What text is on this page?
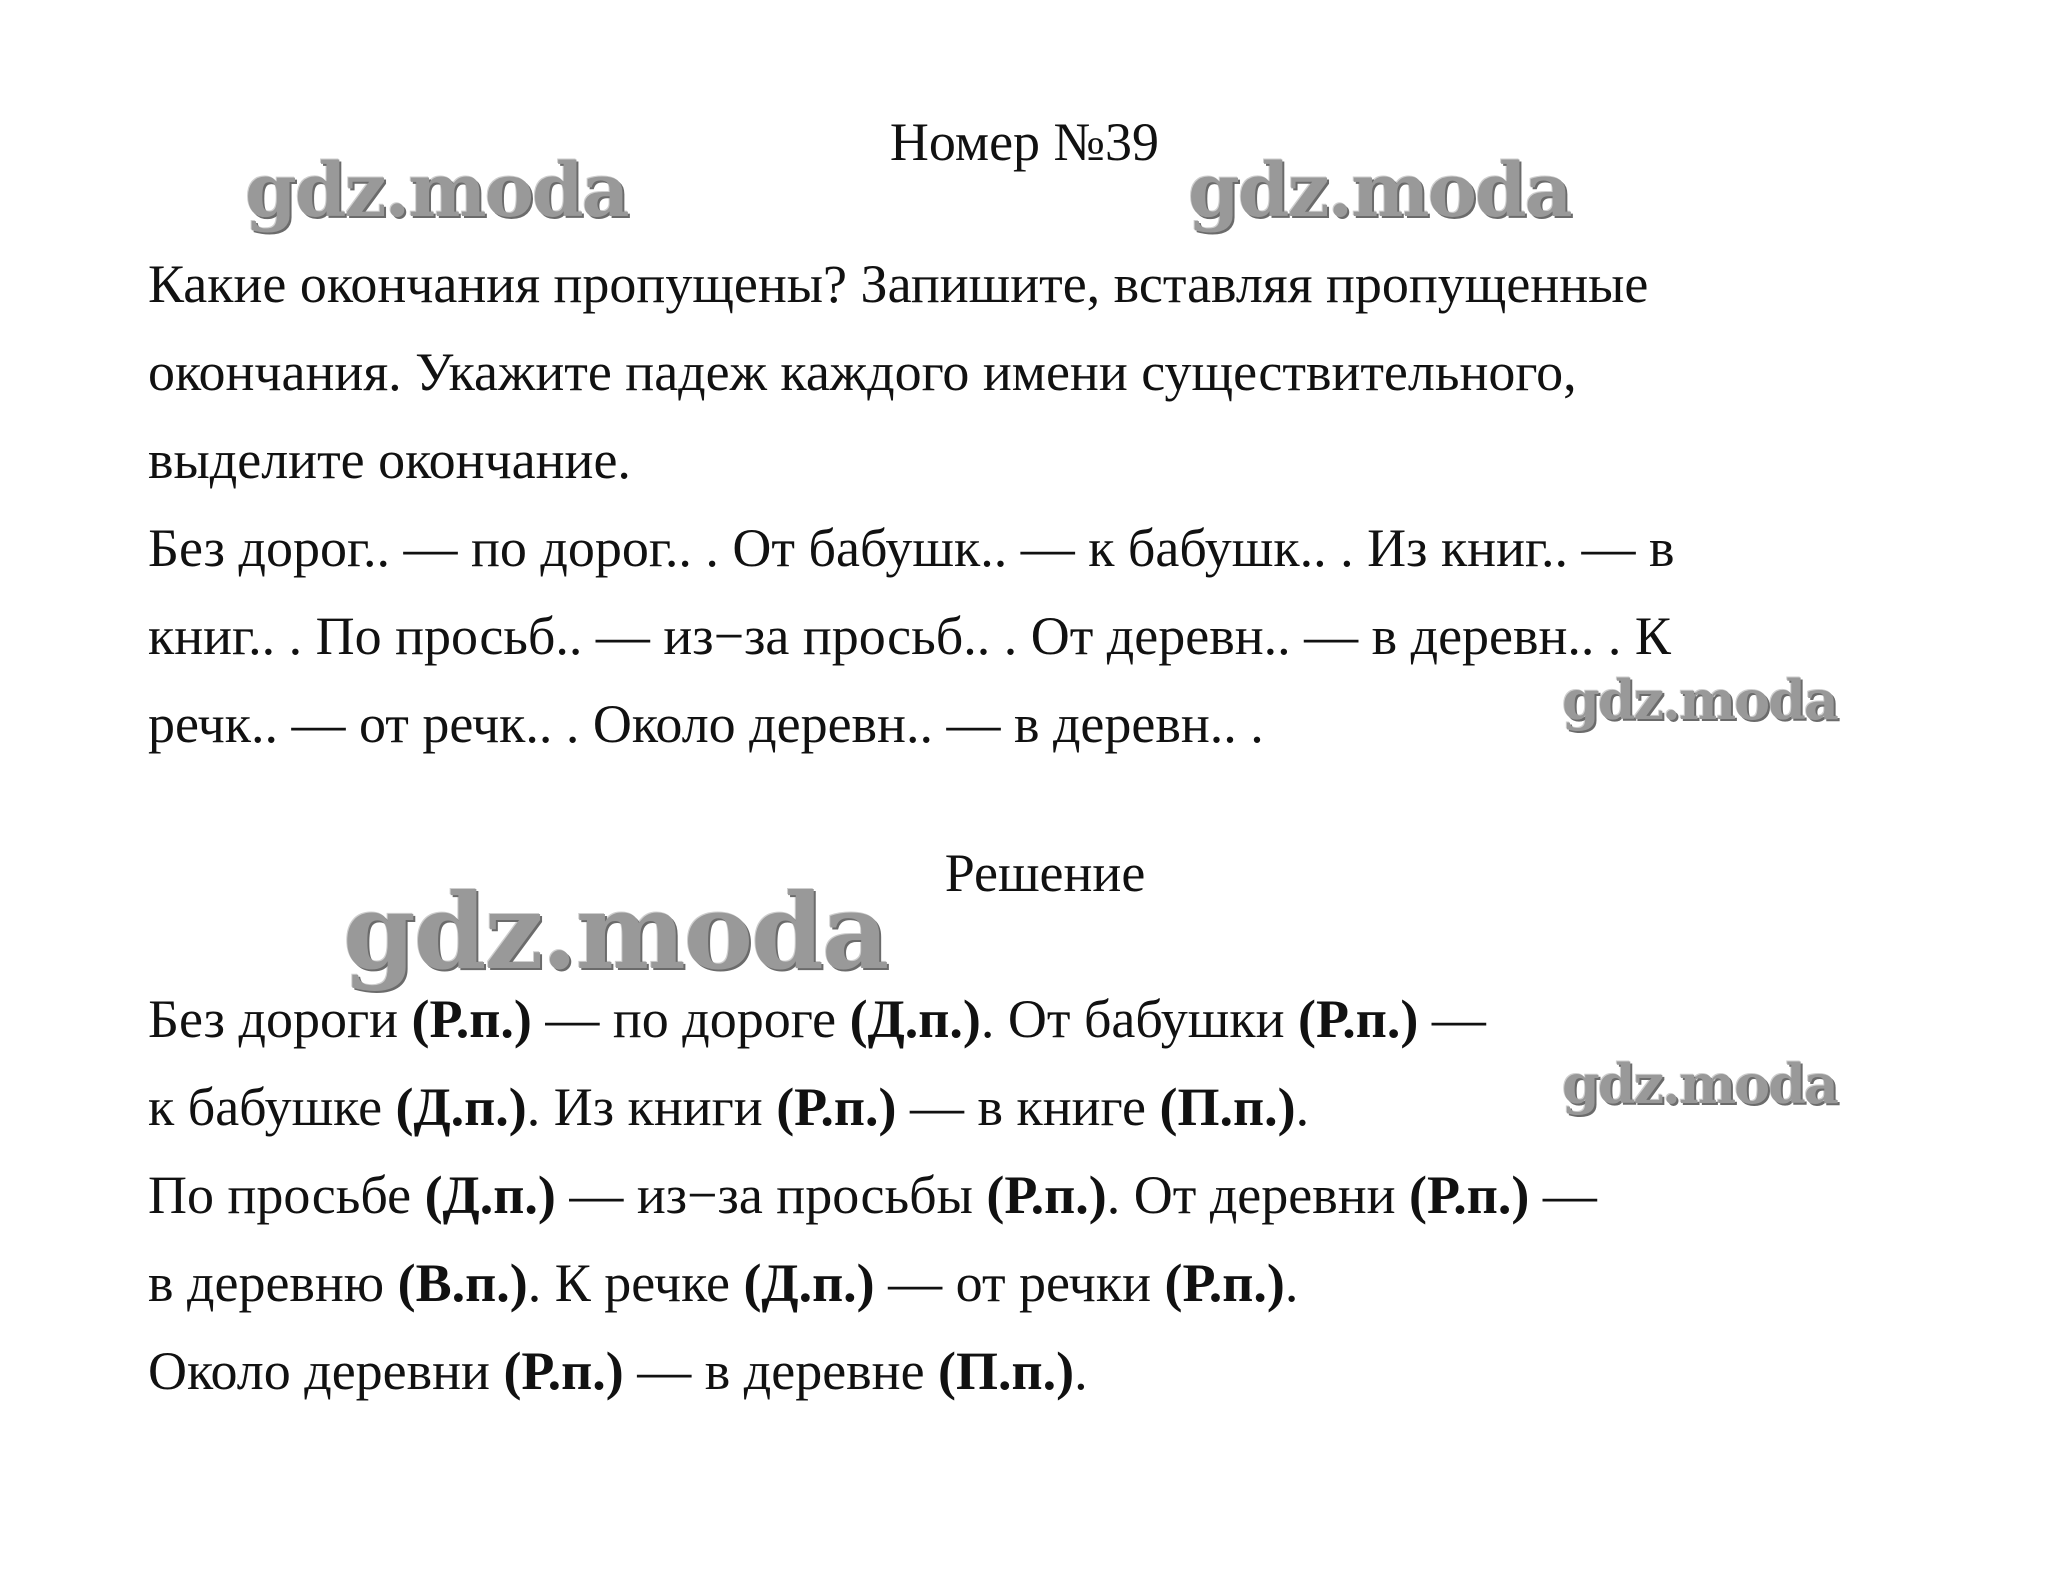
Номер №39
Какие окончания пропущены? Запишите, вставляя пропущенные
окончания. Укажите падеж каждого имени существительного,
выделите окончание.
Без дорог.. — по дорог.. . От бабушк.. — к бабушк.. . Из книг.. — в
книг.. . По просьб.. — из−за просьб.. . От деревн.. — в деревн.. . К
речк.. — от речк.. . Около деревн.. — в деревн.. .
Решение
Без дороги (Р.п.) — по дороге (Д.п.). От бабушки (Р.п.) —
к бабушке (Д.п.). Из книги (Р.п.) — в книге (П.п.).
По просьбе (Д.п.) — из−за просьбы (Р.п.). От деревни (Р.п.) —
в деревню (В.п.). К речке (Д.п.) — от речки (Р.п.).
Около деревни (Р.п.) — в деревне (П.п.).
gdz.moda	gdz.moda
gdz.moda
gdz.moda
gdz.moda
